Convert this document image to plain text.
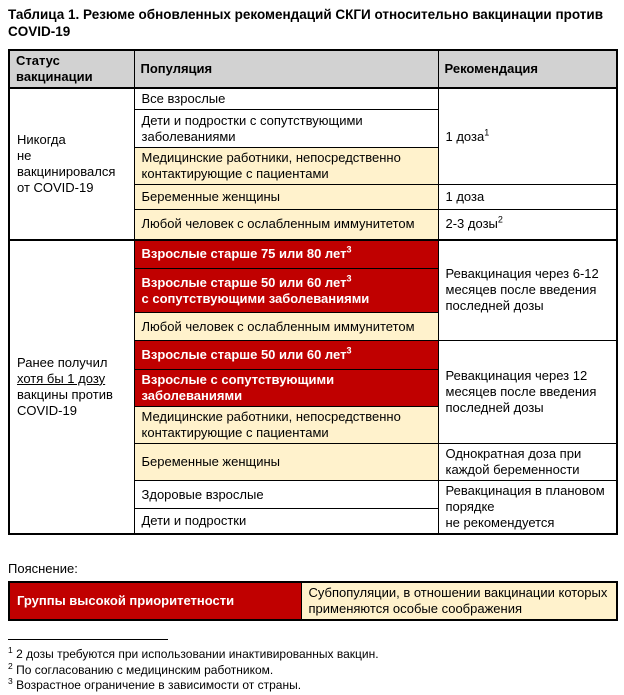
Таблица 1. Резюме обновленных рекомендаций СКГИ относительно вакцинации против COVID-19
Статус вакцинации	Популяция	Рекомендация
Никогда
не вакцинировался
от COVID-19	Все взрослые	1 доза$^1$
	Дети и подростки с сопутствующими заболеваниями	
	Медицинские работники, непосредственно контактирующие с пациентами	
	Беременные женщины	1 доза
	Любой человек с ослабленным иммунитетом	2-3 дозы$^2$
Ранее получил
хотя бы 1 дозу
вакцины против
COVID-19	Взрослые старше 75 или 80 лет$^3$	Ревакцинация через 6-12 месяцев после введения последней дозы
	Взрослые старше 50 или 60 лет$^3$
с сопутствующими заболеваниями	
	Любой человек с ослабленным иммунитетом	
	Взрослые старше 50 или 60 лет$^3$	Ревакцинация через 12 месяцев после введения последней дозы
	Взрослые с сопутствующими заболеваниями	
	Медицинские работники, непосредственно контактирующие с пациентами	
	Беременные женщины	Однократная доза при каждой беременности
	Здоровые взрослые	Ревакцинация в плановом порядке
не рекомендуется
	Дети и подростки	
Пояснение:
Группы высокой приоритетности	Субпопуляции, в отношении вакцинации которых применяются особые соображения
$^1$ 2 дозы требуются при использовании инактивированных вакцин.
$^2$ По согласованию с медицинским работником.
$^3$ Возрастное ограничение в зависимости от страны.
